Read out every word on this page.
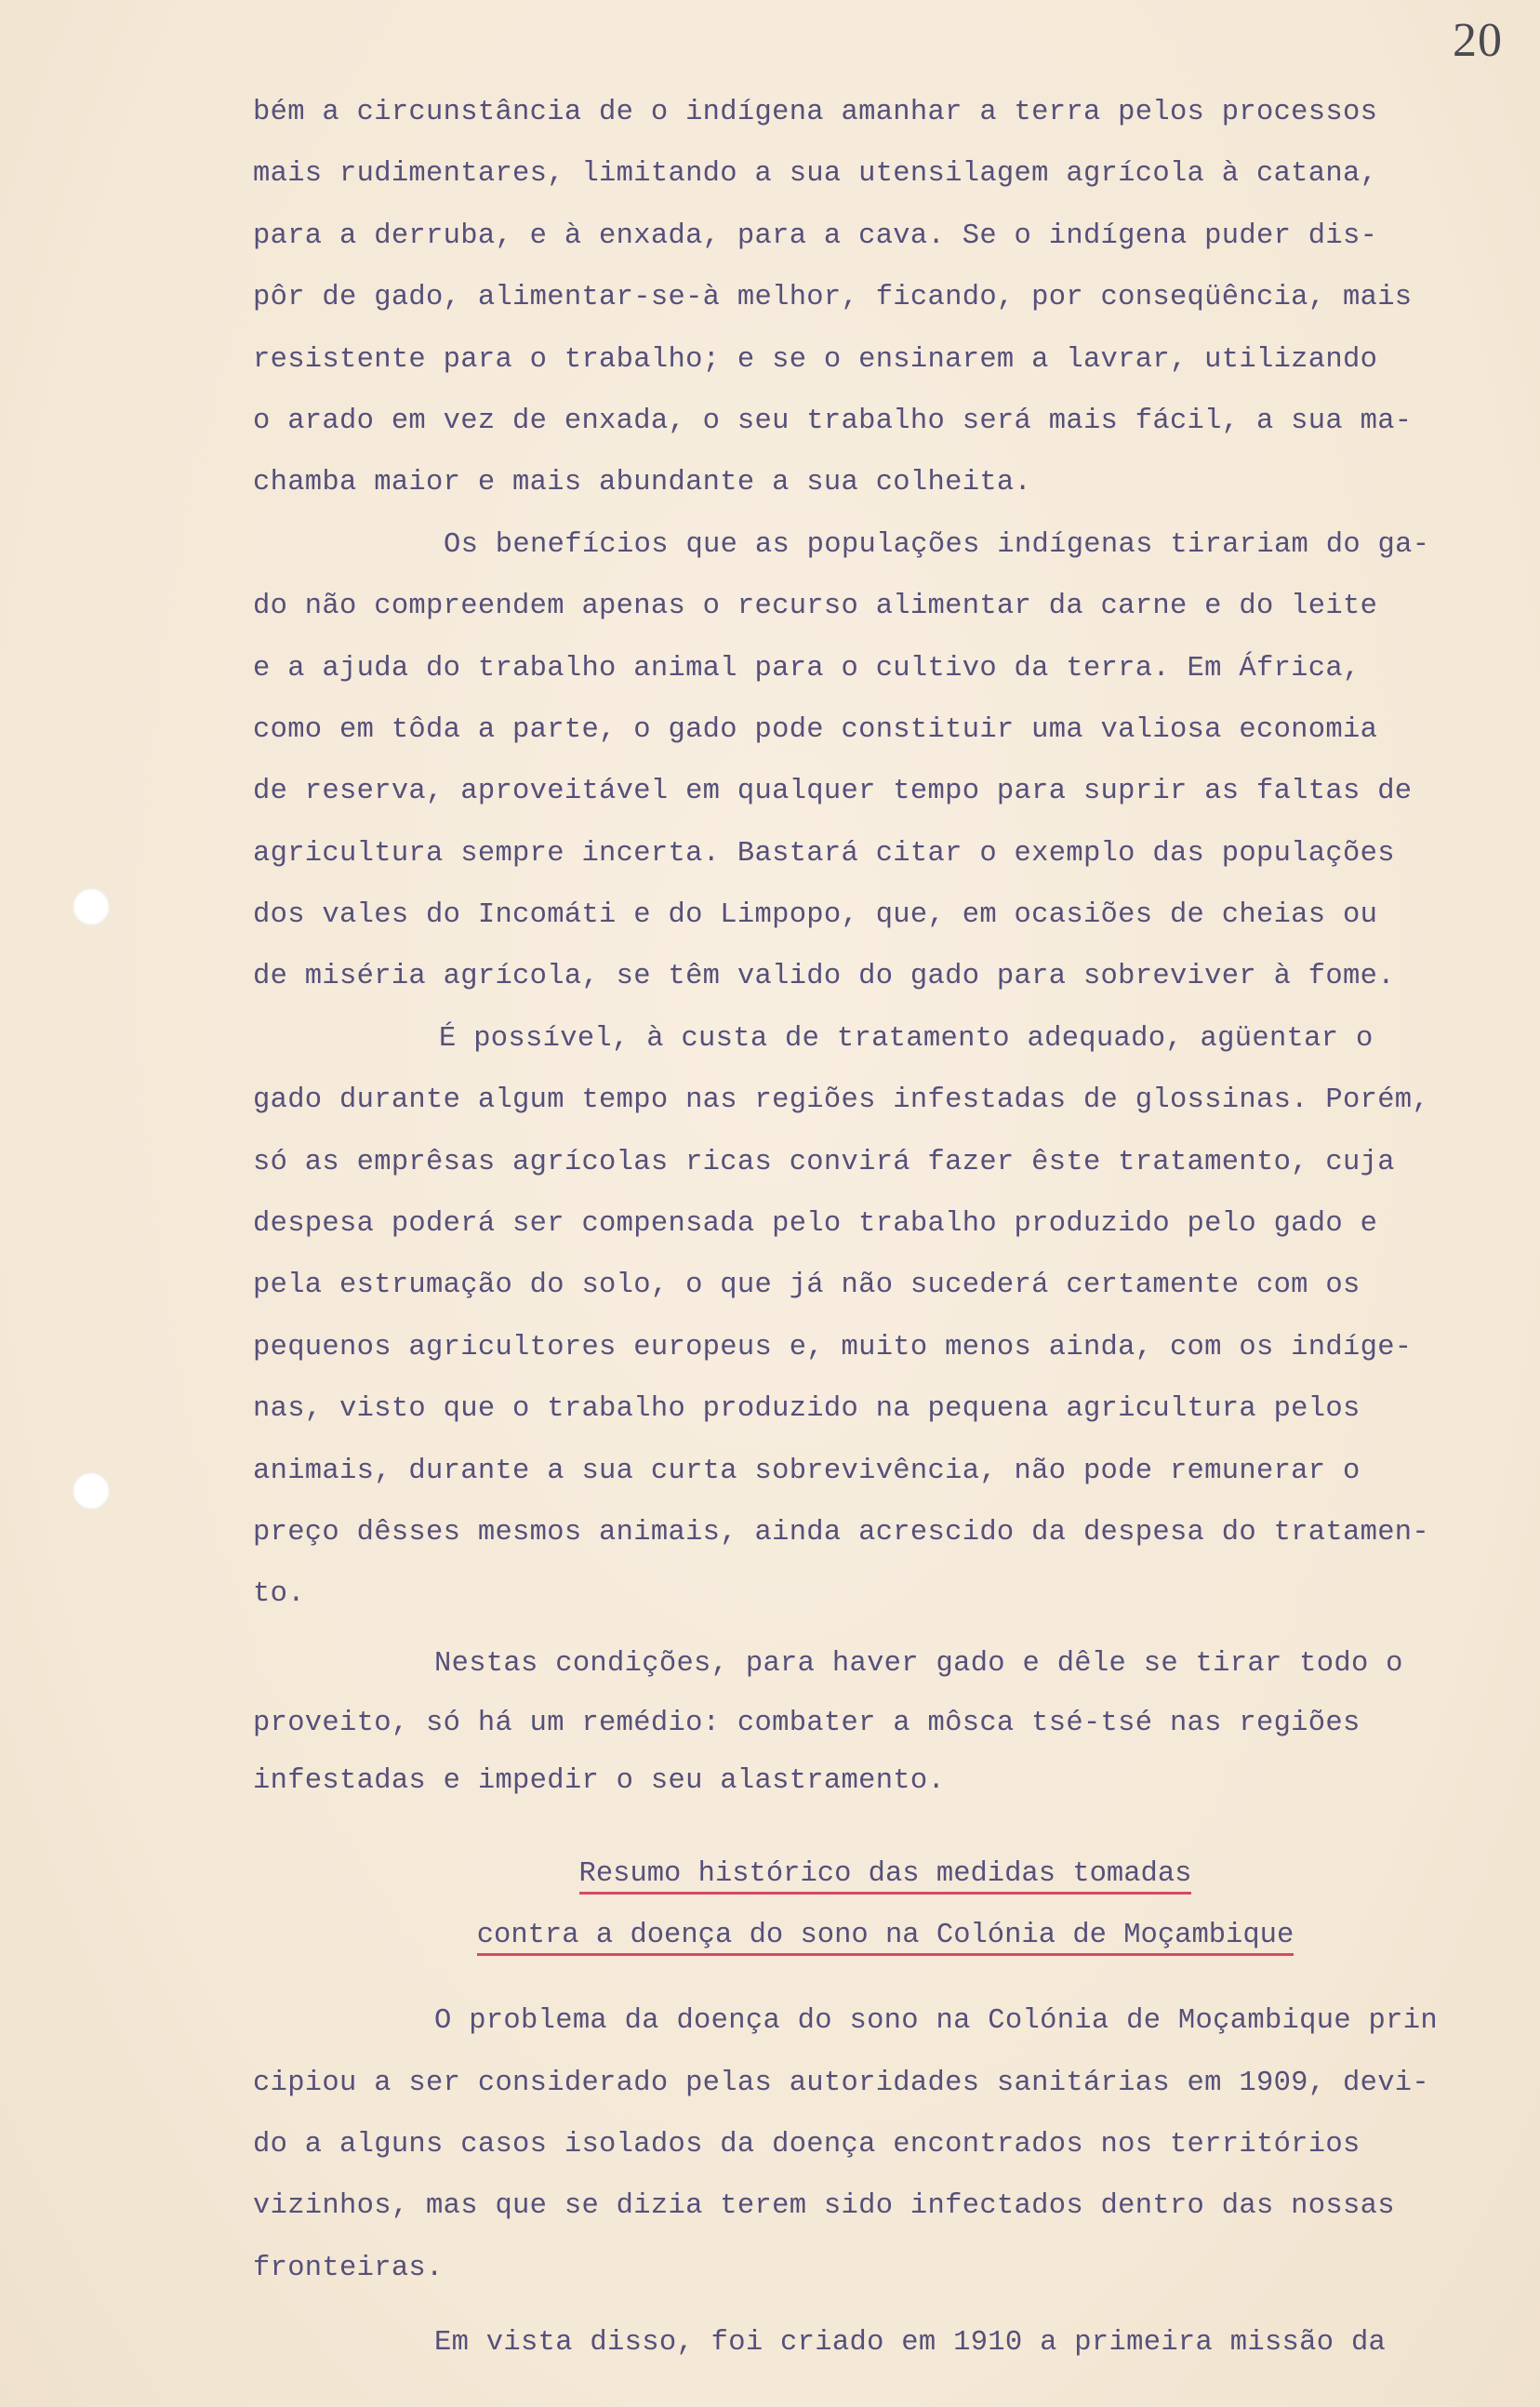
20
bém a circunstância de o indígena amanhar a terra pelos processos
mais rudimentares, limitando a sua utensilagem agrícola à catana,
para a derruba, e à enxada, para a cava. Se o indígena puder dis-
pôr de gado, alimentar-se-à melhor, ficando, por conseqüência, mais
resistente para o trabalho; e se o ensinarem a lavrar, utilizando
o arado em vez de enxada, o seu trabalho será mais fácil, a sua ma-
chamba maior e mais abundante a sua colheita.
Os benefícios que as populações indígenas tirariam do ga-
do não compreendem apenas o recurso alimentar da carne e do leite
e a ajuda do trabalho animal para o cultivo da terra. Em África,
como em tôda a parte, o gado pode constituir uma valiosa economia
de reserva, aproveitável em qualquer tempo para suprir as faltas de
agricultura sempre incerta. Bastará citar o exemplo das populações
dos vales do Incomáti e do Limpopo, que, em ocasiões de cheias ou
de miséria agrícola, se têm valido do gado para sobreviver à fome.
É possível, à custa de tratamento adequado, agüentar o
gado durante algum tempo nas regiões infestadas de glossinas. Porém,
só as emprêsas agrícolas ricas convirá fazer êste tratamento, cuja
despesa poderá ser compensada pelo trabalho produzido pelo gado e
pela estrumação do solo, o que já não sucederá certamente com os
pequenos agricultores europeus e, muito menos ainda, com os indíge-
nas, visto que o trabalho produzido na pequena agricultura pelos
animais, durante a sua curta sobrevivência, não pode remunerar o
preço dêsses mesmos animais, ainda acrescido da despesa do tratamen-
to.
Nestas condições, para haver gado e dêle se tirar todo o
proveito, só há um remédio: combater a môsca tsé-tsé nas regiões
infestadas e impedir o seu alastramento.
Resumo histórico das medidas tomadas
contra a doença do sono na Colónia de Moçambique
O problema da doença do sono na Colónia de Moçambique prin
cipiou a ser considerado pelas autoridades sanitárias em 1909, devi-
do a alguns casos isolados da doença encontrados nos territórios
vizinhos, mas que se dizia terem sido infectados dentro das nossas
fronteiras.
Em vista disso, foi criado em 1910 a primeira missão da
